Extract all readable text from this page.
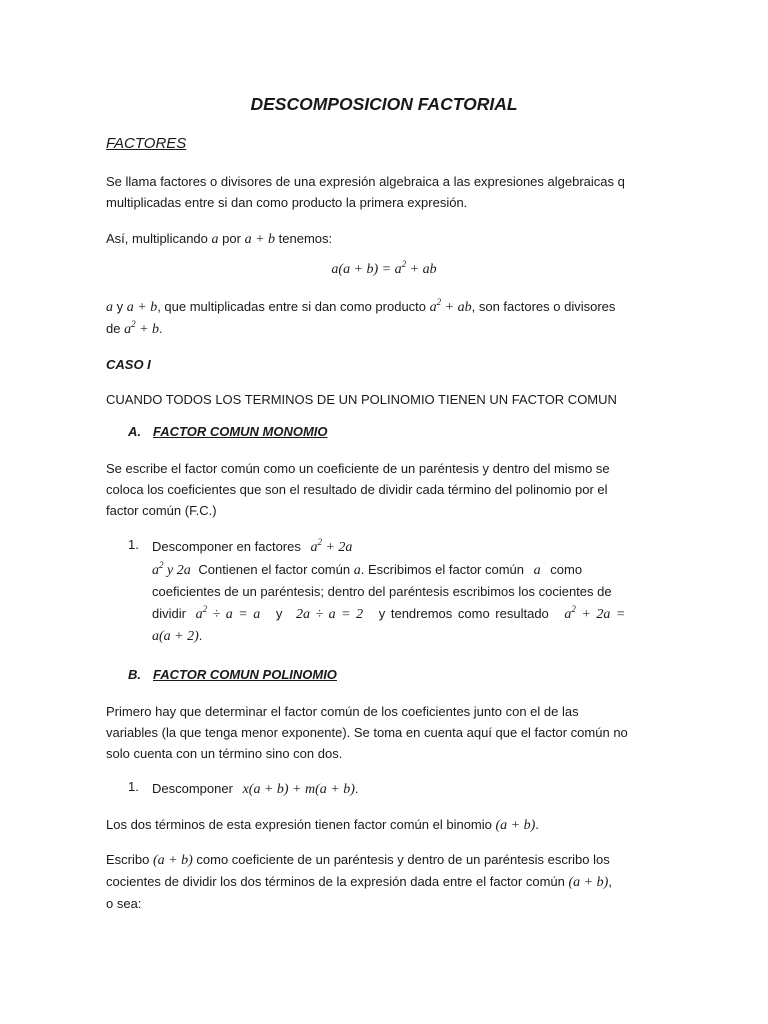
DESCOMPOSICION FACTORIAL
FACTORES
Se llama factores o divisores de una expresión algebraica a las expresiones algebraicas q
multiplicadas entre si dan como producto la primera expresión.
Así, multiplicando a por a + b tenemos:
$a(a + b) = a^2$ + ab
a y a + b, que multiplicadas entre si dan como producto $a^2$ + ab, son factores o divisores
de $a^2 + b$.
CASO I
CUANDO TODOS LOS TERMINOS DE UN POLINOMIO TIENEN UN FACTOR COMUN
A. FACTOR COMUN MONOMIO
Se escribe el factor común como un coeficiente de un paréntesis y dentro del mismo se
coloca los coeficientes que son el resultado de dividir cada término del polinomio por el
factor común (F.C.)
1. Descomponer en factores $a^2 + 2a$
$a^2$ y 2a Contienen el factor común a. Escribimos el factor común a como
coeficientes de un paréntesis; dentro del paréntesis escribimos los cocientes de
dividir $a^2 \div a = a$ y 2a ÷ a = 2 y tendremos como resultado $a^2 + 2a$ =
a(a + 2).
B. FACTOR COMUN POLINOMIO
Primero hay que determinar el factor común de los coeficientes junto con el de las
variables (la que tenga menor exponente). Se toma en cuenta aquí que el factor común no
solo cuenta con un término sino con dos.
1. Descomponer x(a + b) + m(a + b).
Los dos términos de esta expresión tienen factor común el binomio (a + b).
Escribo (a + b) como coeficiente de un paréntesis y dentro de un paréntesis escribo los
cocientes de dividir los dos términos de la expresión dada entre el factor común (a + b),
o sea:
